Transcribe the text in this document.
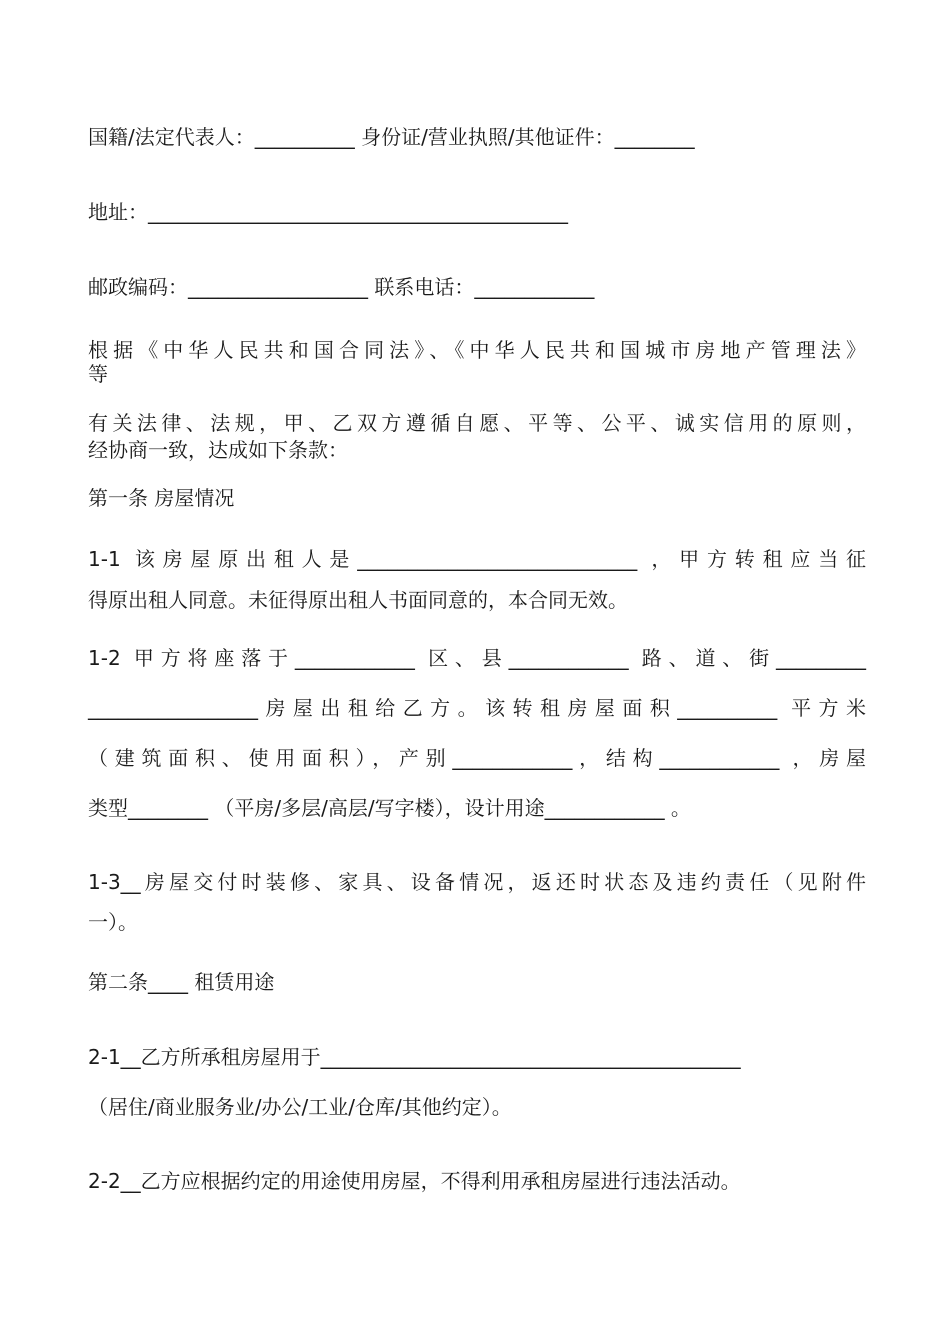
国籍/法定代表人：__________ 身份证/营业执照/其他证件：________
地址：__________________________________________
邮政编码：__________________ 联系电话：____________
根据《中华人民共和国合同法》、《中华人民共和国城市房地产管理法》
等
有关法律、法规，甲、乙双方遵循自愿、平等、公平、诚实信用的原则，
经协商一致，达成如下条款：
第一条 房屋情况
1-1 该房屋原出租人是____________________________ ，甲方转租应当征
得原出租人同意。未征得原出租人书面同意的，本合同无效。
1-2 甲方将座落于____________ 区、县____________ 路、道、街_________
_________________房屋出租给乙方。该转租房屋面积__________ 平方米
（建筑面积、使用面积），产别____________，结构____________ ，房屋
类型________ （平房/多层/高层/写字楼），设计用途____________ 。
1-3__房屋交付时装修、家具、设备情况，返还时状态及违约责任（见附件
一）。
第二条____ 租赁用途
2-1__乙方所承租房屋用于__________________________________________
（居住/商业服务业/办公/工业/仓库/其他约定）。
2-2__乙方应根据约定的用途使用房屋，不得利用承租房屋进行违法活动。
